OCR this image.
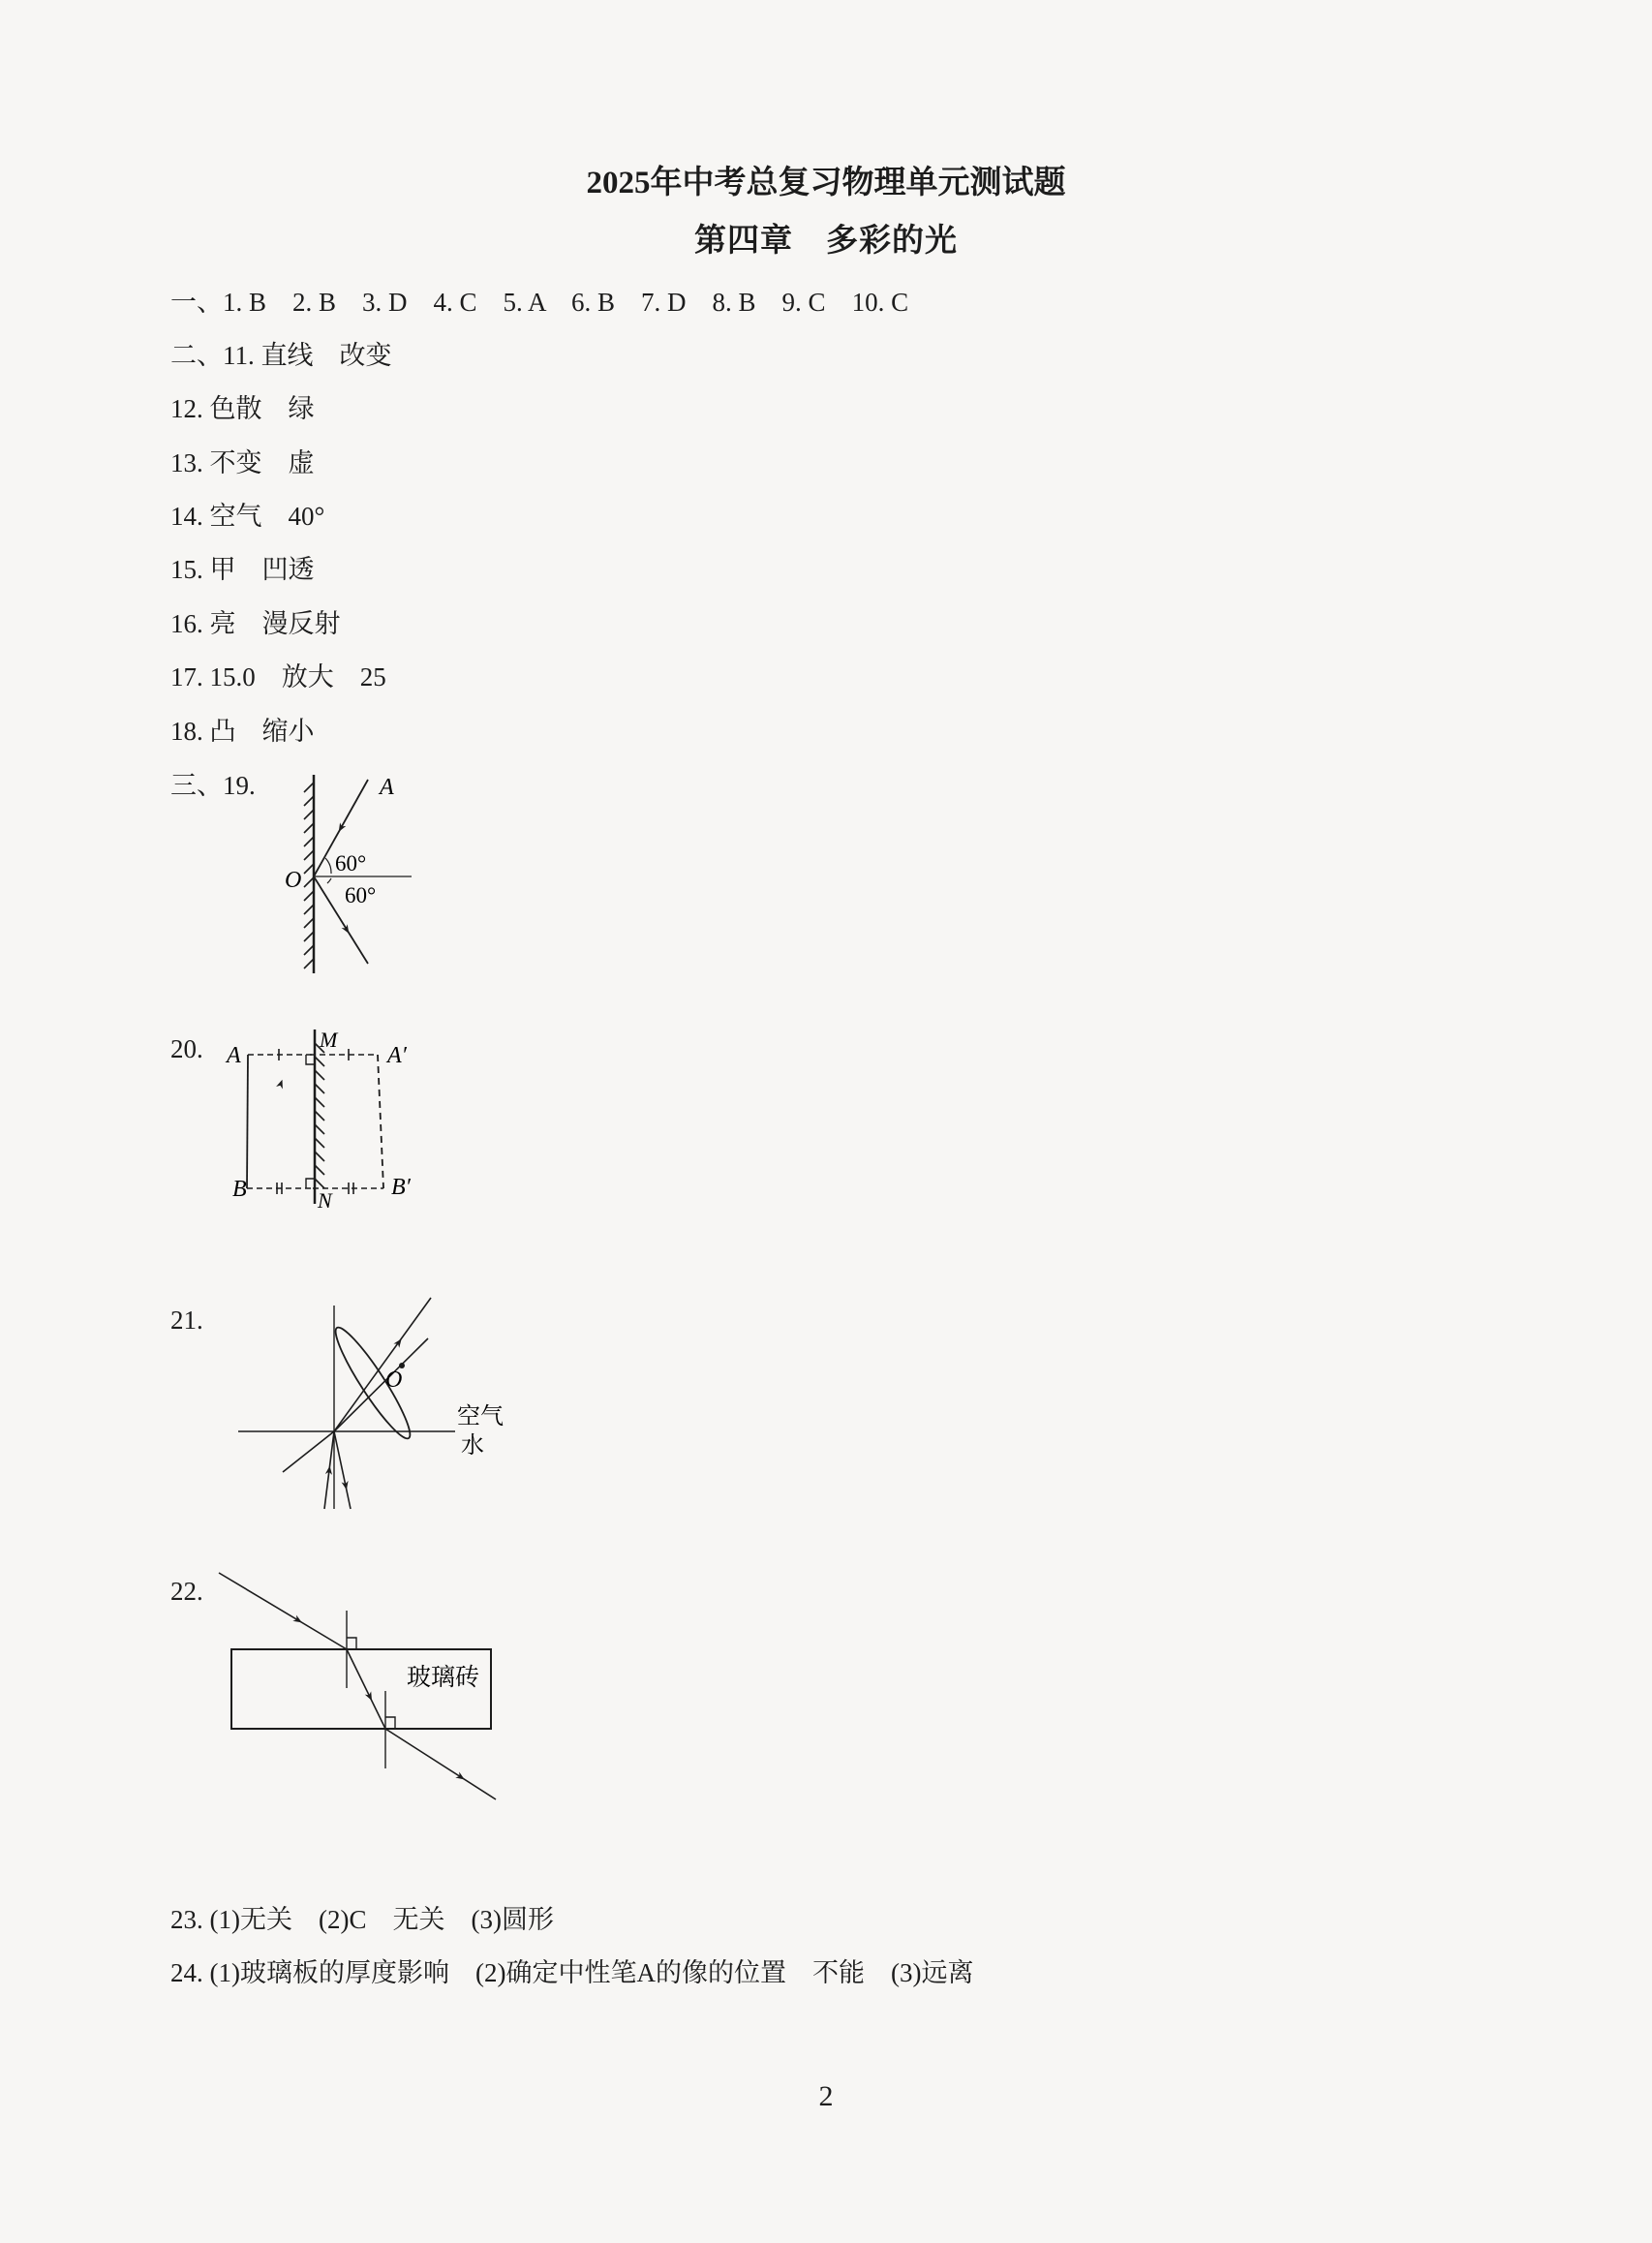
2025年中考总复习物理单元测试题
第四章　多彩的光
一、1. B　2. B　3. D　4. C　5. A　6. B　7. D　8. B　9. C　10. C
二、11. 直线　改变
12. 色散　绿
13. 不变　虚
14. 空气　40°
15. 甲　凹透
16. 亮　漫反射
17. 15.0　放大　25
18. 凸　缩小
三、19.	A
O
60°
60°
20. A	A′
B	B′
M
N
21.
O
空气
水
22.
玻璃砖
23. (1)无关　(2)C　无关　(3)圆形
24. (1)玻璃板的厚度影响　(2)确定中性笔A的像的位置　不能　(3)远离
2
